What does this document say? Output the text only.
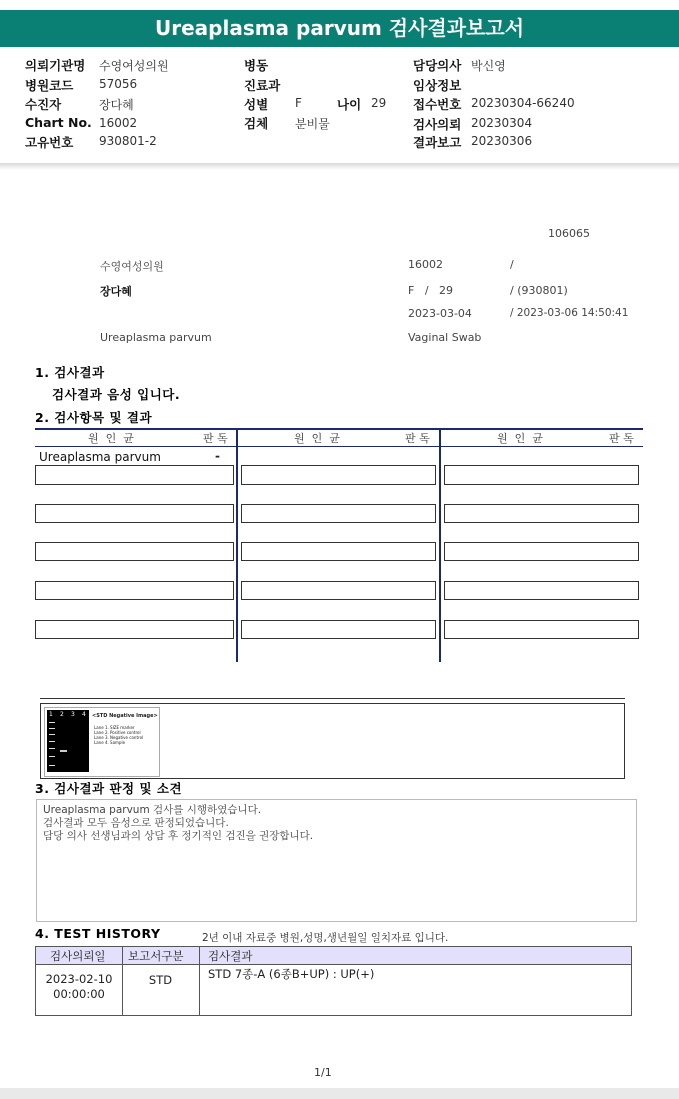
Ureaplasma parvum 검사결과보고서
의뢰기관명 수영여성의원
병원코드 57056
수진자	장다혜
Chart No. 16002
고유번호 930801-2
병동
진료과
성별 F	나이 29
검체 분비물
담당의사 박신영
임상정보
접수번호 20230304-66240
검사의뢰 20230304
결과보고 20230306
106065
수영여성의원	16002	/
장다혜	F   /   29	/ (930801)
2023-03-04	/ 2023-03-06 14:50:41
Ureaplasma parvum	Vaginal Swab
1. 검사결과
검사결과 음성 입니다.
2. 검사항목 및 결과
원  인  균	판 독	원  인  균	판 독	원  인  균	판 독
Ureaplasma parvum	-
1 2 3 4 <STD Negative Image>
Lane 1. SIZE marker
Lane 2. Positive control
Lane 3. Negative control
Lane 4. Sample
3. 검사결과 판정 및 소견
Ureaplasma parvum 검사를 시행하였습니다.
검사결과 모두 음성으로 판정되었습니다.
담당 의사 선생님과의 상담 후 정기적인 검진을 권장합니다.
4. TEST HISTORY	2년 이내 자료중 병원,성명,생년월일 일치자료 입니다.
검사의뢰일 보고서구분 검사결과
2023-02-10
00:00:00
STD	STD 7종-A (6종B+UP) : UP(+)
1/1
